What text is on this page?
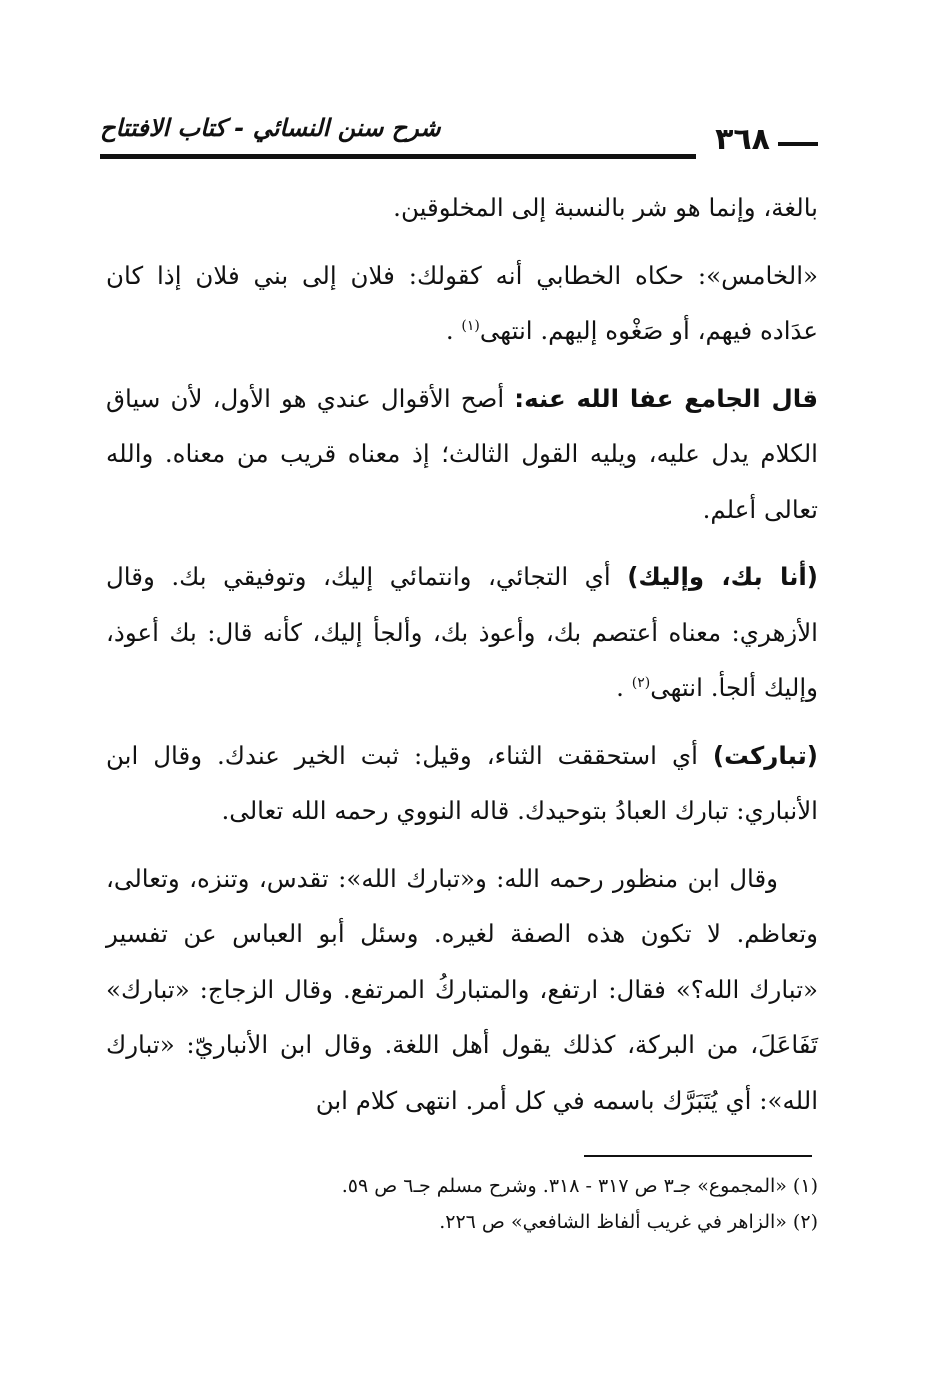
٣٦٨
شرح سنن النسائي - كتاب الافتتاح

بالغة، وإنما هو شر بالنسبة إلى المخلوقين.

«الخامس»: حكاه الخطابي أنه كقولك: فلان إلى بني فلان إذا كان عدَاده فيهم، أو صَغْوه إليهم. انتهى$^{(١)}$ .

قال الجامع عفا الله عنه: أصح الأقوال عندي هو الأول، لأن سياق الكلام يدل عليه، ويليه القول الثالث؛ إذ معناه قريب من معناه. والله تعالى أعلم.

(أنا بك، وإليك) أي التجائي، وانتمائي إليك، وتوفيقي بك. وقال الأزهري: معناه أعتصم بك، وأعوذ بك، وألجأ إليك، كأنه قال: بك أعوذ، وإليك ألجأ. انتهى$^{(٢)}$ .

(تباركت) أي استحققت الثناء، وقيل: ثبت الخير عندك. وقال ابن الأنباري: تبارك العبادُ بتوحيدك. قاله النووي رحمه الله تعالى.

وقال ابن منظور رحمه الله: و«تبارك الله»: تقدس، وتنزه، وتعالى، وتعاظم. لا تكون هذه الصفة لغيره. وسئل أبو العباس عن تفسير «تبارك الله؟» فقال: ارتفع، والمتباركُ المرتفع. وقال الزجاج: «تبارك» تَفَاعَلَ، من البركة، كذلك يقول أهل اللغة. وقال ابن الأنباريّ: «تبارك الله»: أي يُتَبَرَّك باسمه في كل أمر. انتهى كلام ابن

(١) «المجموع» جـ٣ ص ٣١٧ - ٣١٨. وشرح مسلم جـ٦ ص ٥٩.

(٢) «الزاهر في غريب ألفاظ الشافعي» ص ٢٢٦.
